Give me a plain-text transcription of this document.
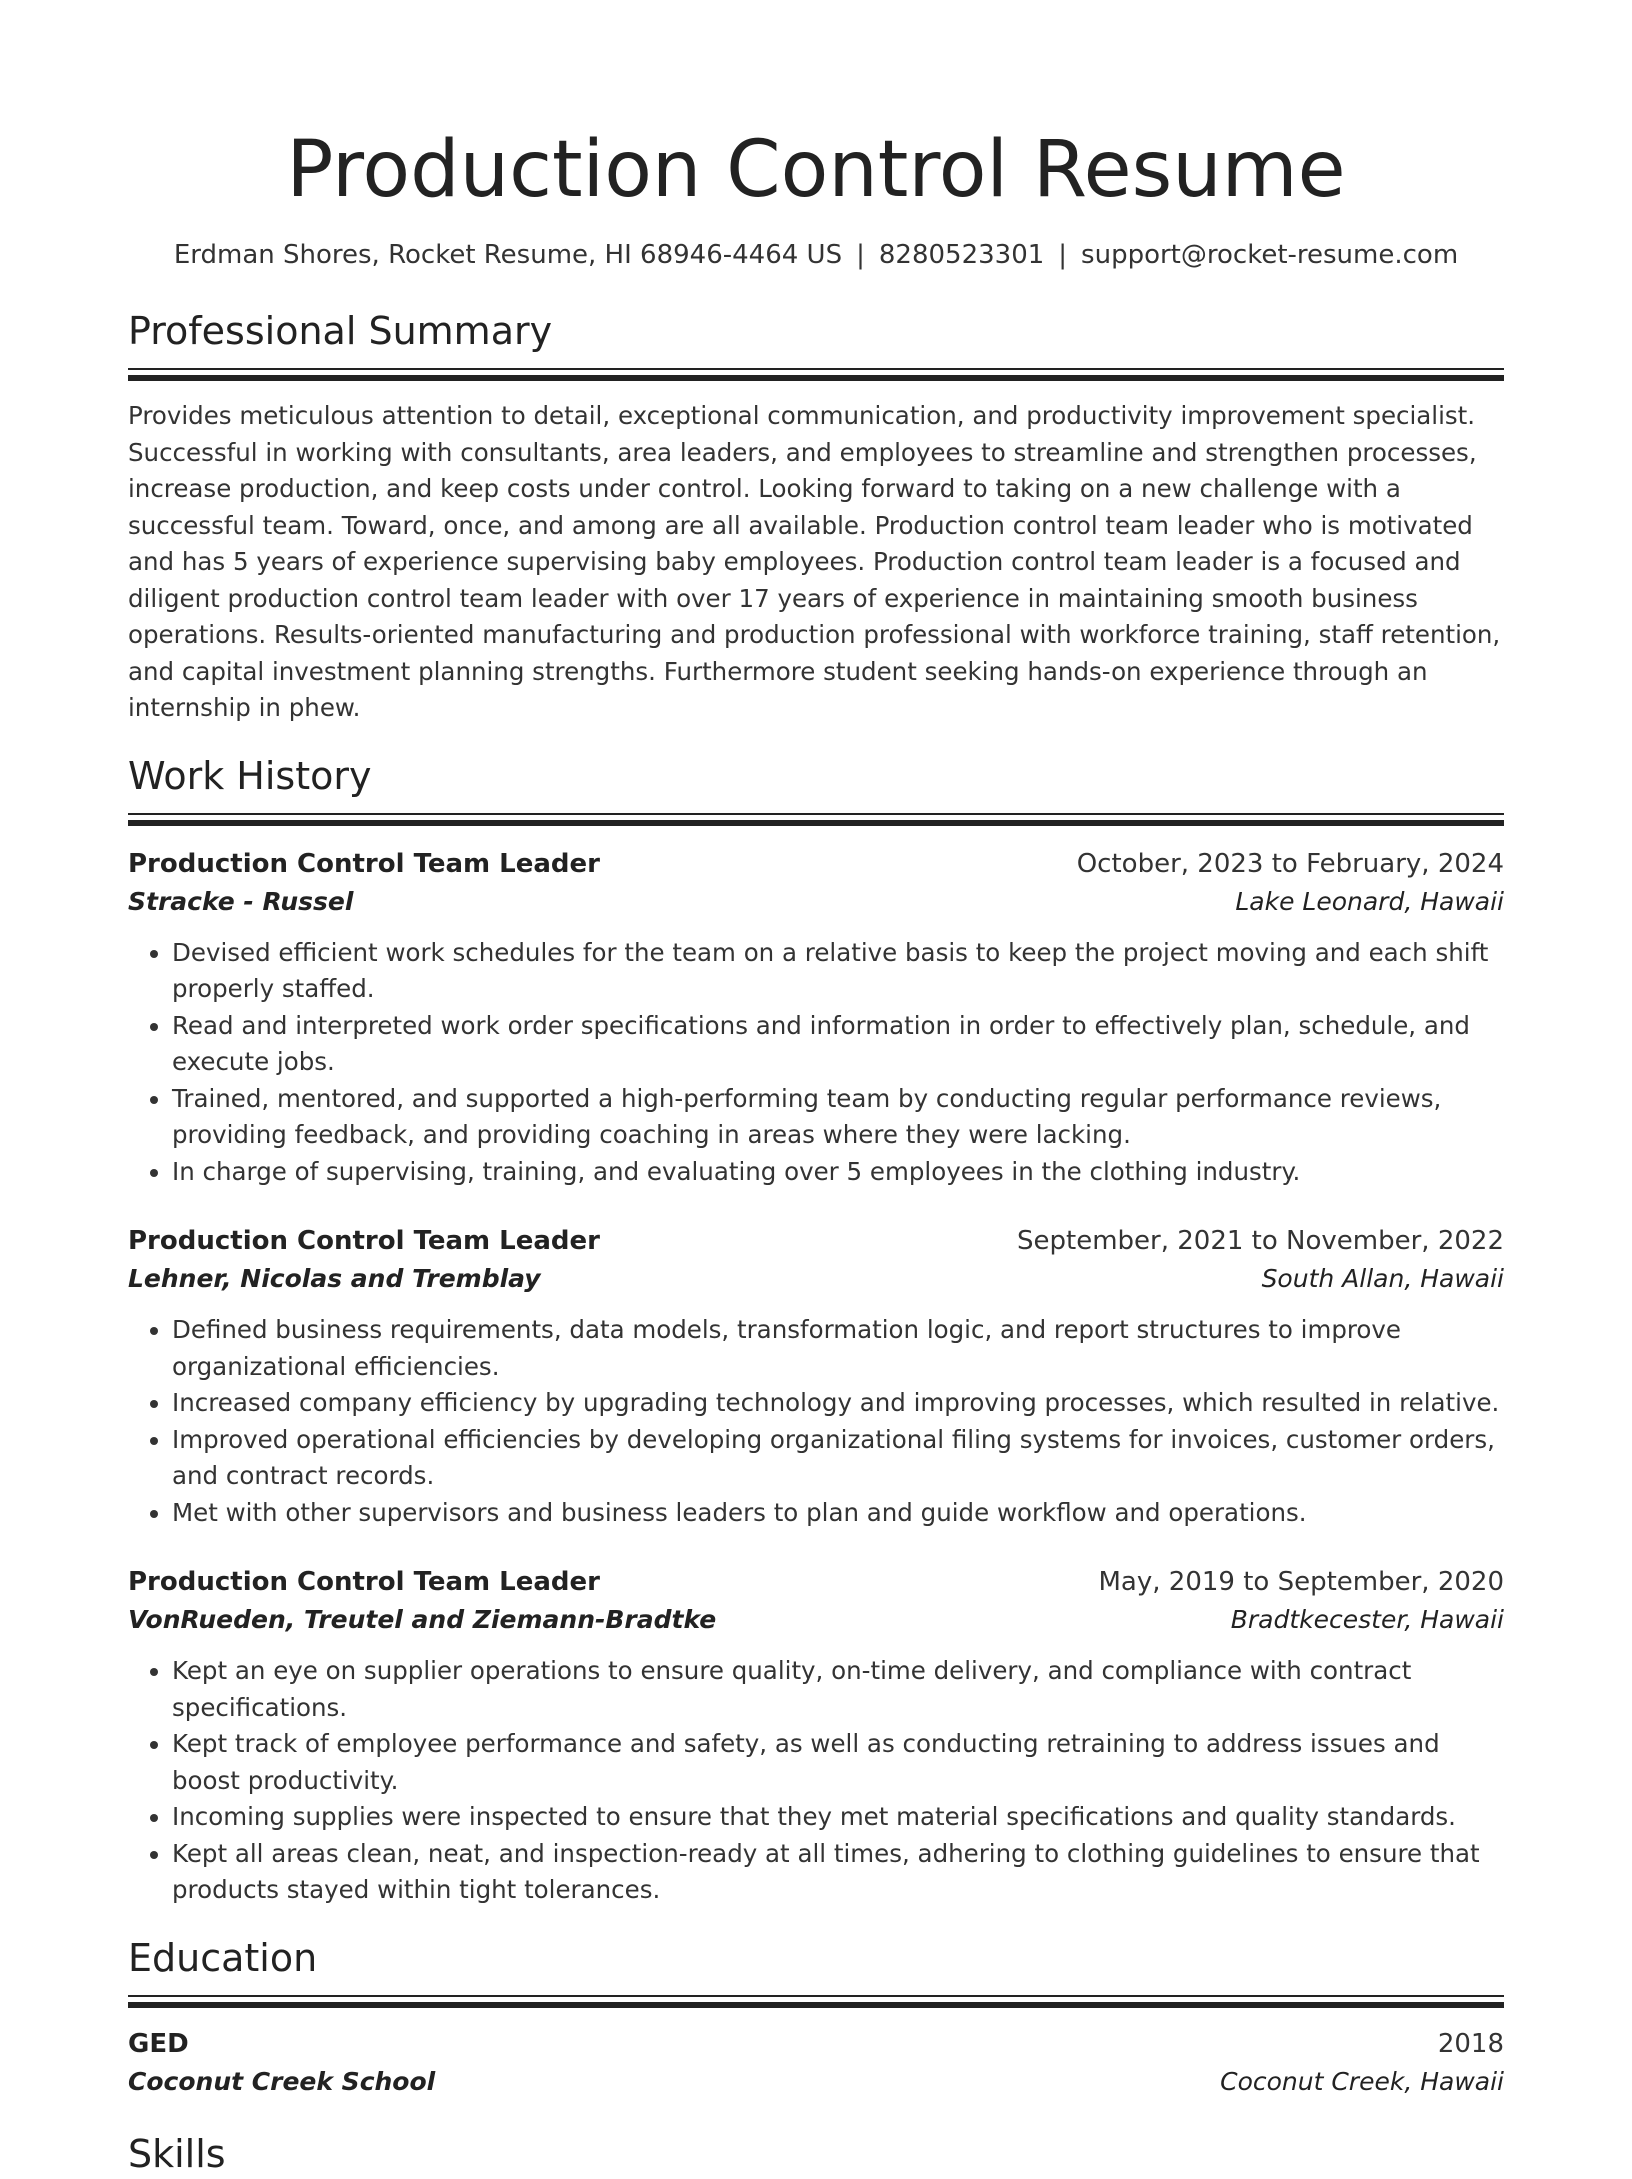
Production Control Resume
Erdman Shores, Rocket Resume, HI 68946-4464 US | 8280523301 | support@rocket-resume.com
Professional Summary
Provides meticulous attention to detail, exceptional communication, and productivity improvement specialist. Successful in working with consultants, area leaders, and employees to streamline and strengthen processes, increase production, and keep costs under control. Looking forward to taking on a new challenge with a successful team. Toward, once, and among are all available. Production control team leader who is motivated and has 5 years of experience supervising baby employees. Production control team leader is a focused and diligent production control team leader with over 17 years of experience in maintaining smooth business operations. Results-oriented manufacturing and production professional with workforce training, staff retention, and capital investment planning strengths. Furthermore student seeking hands-on experience through an internship in phew.
Work History
Production Control Team Leader	October, 2023 to February, 2024
Stracke - Russel	Lake Leonard, Hawaii
• Devised efficient work schedules for the team on a relative basis to keep the project moving and each shift properly staffed.
• Read and interpreted work order specifications and information in order to effectively plan, schedule, and execute jobs.
• Trained, mentored, and supported a high-performing team by conducting regular performance reviews, providing feedback, and providing coaching in areas where they were lacking.
• In charge of supervising, training, and evaluating over 5 employees in the clothing industry.
Production Control Team Leader	September, 2021 to November, 2022
Lehner, Nicolas and Tremblay	South Allan, Hawaii
• Defined business requirements, data models, transformation logic, and report structures to improve organizational efficiencies.
• Increased company efficiency by upgrading technology and improving processes, which resulted in relative.
• Improved operational efficiencies by developing organizational filing systems for invoices, customer orders, and contract records.
• Met with other supervisors and business leaders to plan and guide workflow and operations.
Production Control Team Leader	May, 2019 to September, 2020
VonRueden, Treutel and Ziemann-Bradtke	Bradtkecester, Hawaii
• Kept an eye on supplier operations to ensure quality, on-time delivery, and compliance with contract specifications.
• Kept track of employee performance and safety, as well as conducting retraining to address issues and boost productivity.
• Incoming supplies were inspected to ensure that they met material specifications and quality standards.
• Kept all areas clean, neat, and inspection-ready at all times, adhering to clothing guidelines to ensure that products stayed within tight tolerances.
Education
GED	2018
Coconut Creek School	Coconut Creek, Hawaii
Skills
